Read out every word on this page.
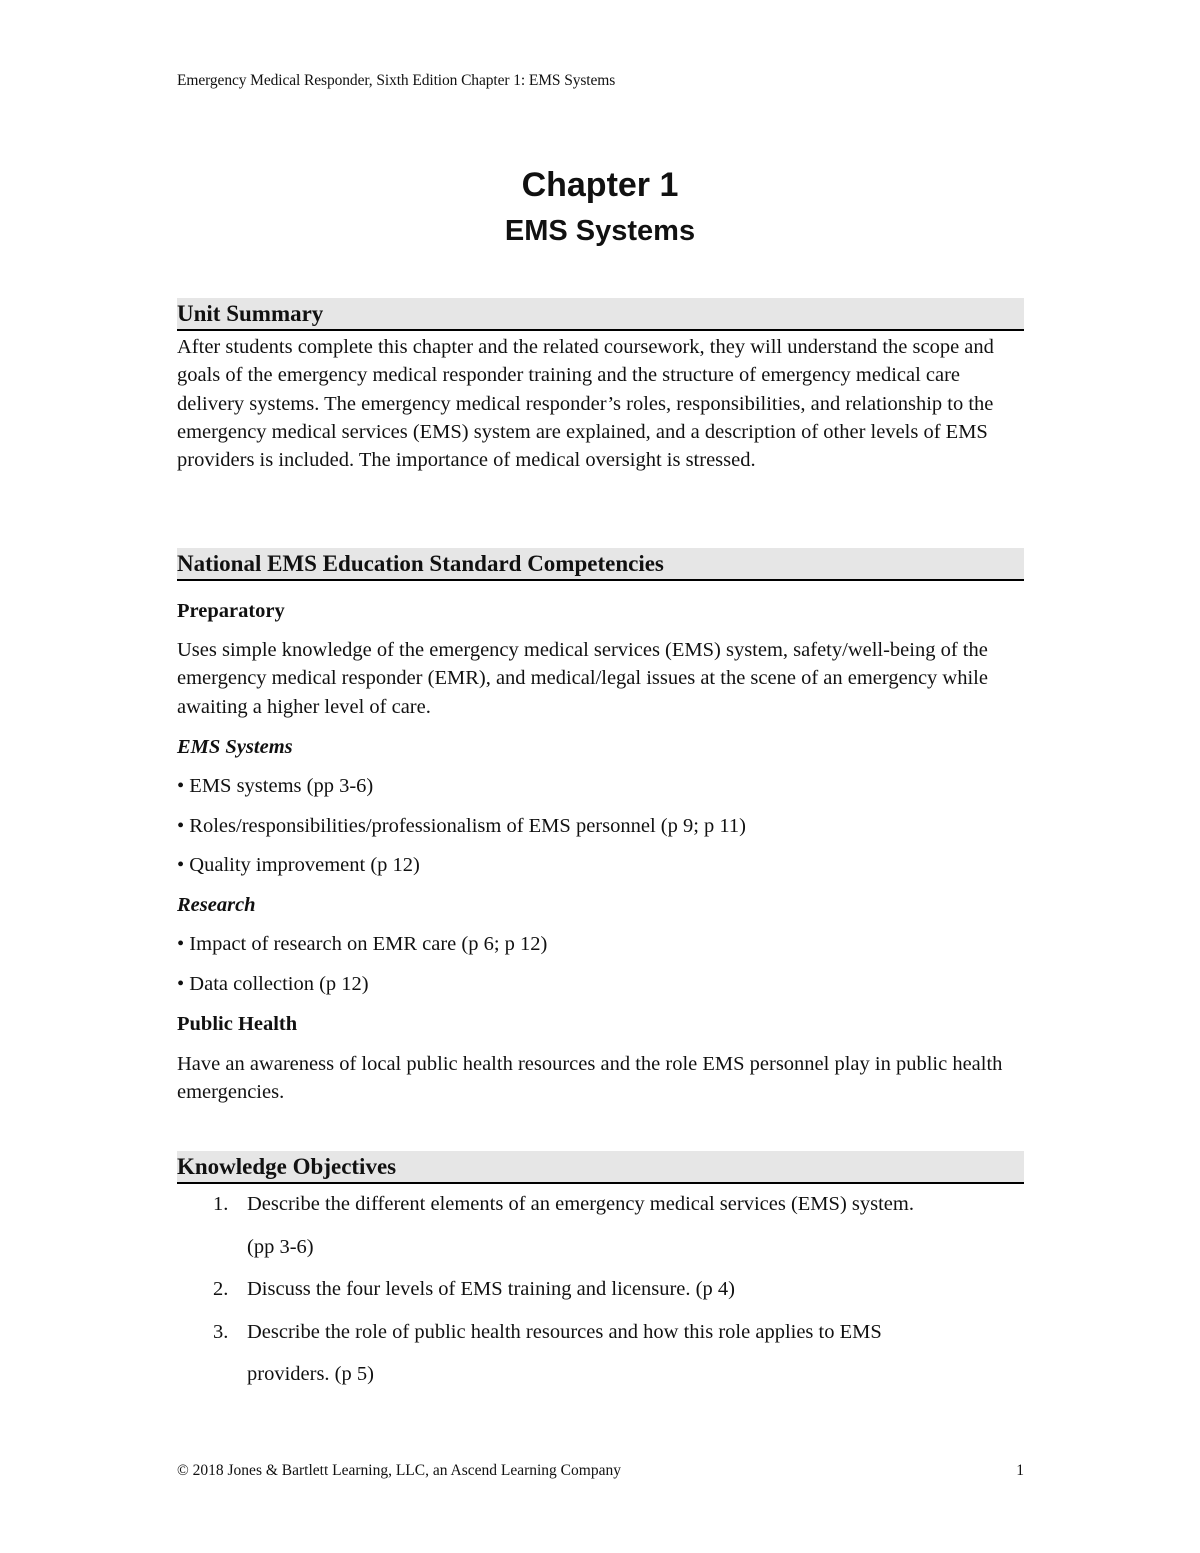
Emergency Medical Responder, Sixth Edition Chapter 1: EMS Systems
Chapter 1
EMS Systems
Unit Summary

After students complete this chapter and the related coursework, they will understand the scope and goals of the emergency medical responder training and the structure of emergency medical care delivery systems. The emergency medical responder’s roles, responsibilities, and relationship to the emergency medical services (EMS) system are explained, and a description of other levels of EMS providers is included. The importance of medical oversight is stressed.

National EMS Education Standard Competencies

Preparatory

Uses simple knowledge of the emergency medical services (EMS) system, safety/well-being of the emergency medical responder (EMR), and medical/legal issues at the scene of an emergency while awaiting a higher level of care.

EMS Systems

• EMS systems (pp 3-6)

• Roles/responsibilities/professionalism of EMS personnel (p 9; p 11)

• Quality improvement (p 12)

Research

• Impact of research on EMR care (p 6; p 12)

• Data collection (p 12)

Public Health

Have an awareness of local public health resources and the role EMS personnel play in public health emergencies.

Knowledge Objectives
1. Describe the different elements of an emergency medical services (EMS) system.
(pp 3-6)
2. Discuss the four levels of EMS training and licensure. (p 4)
3. Describe the role of public health resources and how this role applies to EMS
providers. (p 5)
© 2018 Jones & Bartlett Learning, LLC, an Ascend Learning Company	1
